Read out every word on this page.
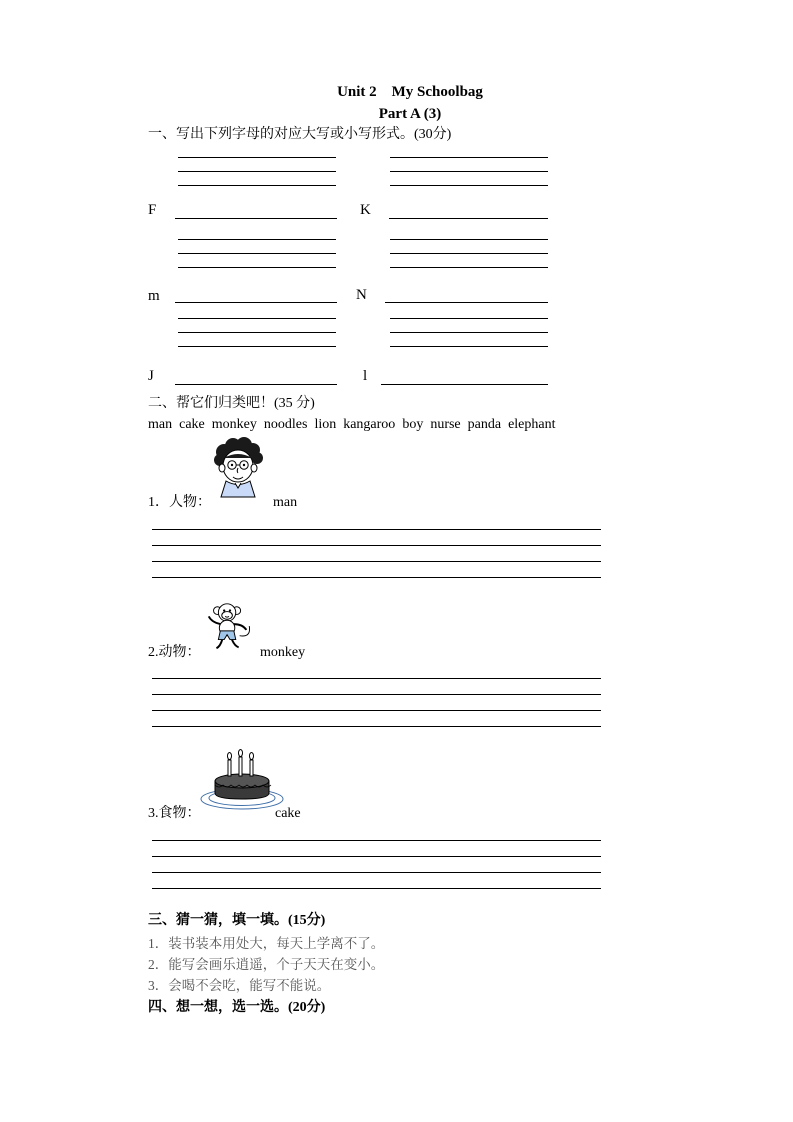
Unit 2　My Schoolbag
Part A (3)
一、写出下列字母的对应大写或小写形式。(30分)
F	K
m	N
J	l
二、帮它们归类吧！(35 分)
man cake monkey noodles lion kangaroo boy nurse panda elephant
1．人物：	man
2.动物：	monkey
3.食物：	cake
三、猜一猜，填一填。(15分)
1．装书装本用处大，每天上学离不了。
2．能写会画乐逍遥，个子天天在变小。
3．会喝不会吃，能写不能说。
四、想一想，选一选。(20分)
